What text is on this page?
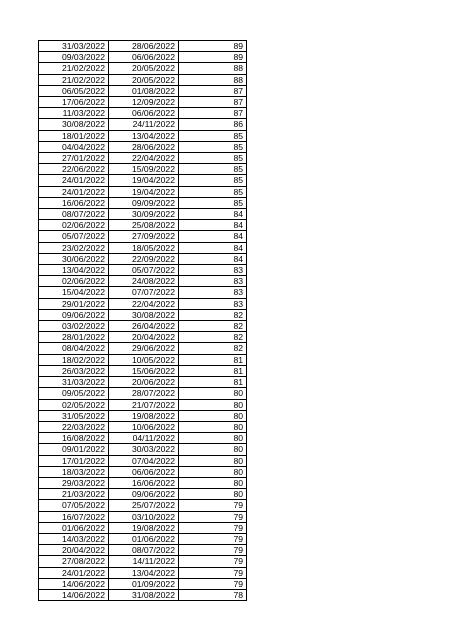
31/03/2022	28/06/2022	89
09/03/2022	06/06/2022	89
21/02/2022	20/05/2022	88
21/02/2022	20/05/2022	88
06/05/2022	01/08/2022	87
17/06/2022	12/09/2022	87
11/03/2022	06/06/2022	87
30/08/2022	24/11/2022	86
18/01/2022	13/04/2022	85
04/04/2022	28/06/2022	85
27/01/2022	22/04/2022	85
22/06/2022	15/09/2022	85
24/01/2022	19/04/2022	85
24/01/2022	19/04/2022	85
16/06/2022	09/09/2022	85
08/07/2022	30/09/2022	84
02/06/2022	25/08/2022	84
05/07/2022	27/09/2022	84
23/02/2022	18/05/2022	84
30/06/2022	22/09/2022	84
13/04/2022	05/07/2022	83
02/06/2022	24/08/2022	83
15/04/2022	07/07/2022	83
29/01/2022	22/04/2022	83
09/06/2022	30/08/2022	82
03/02/2022	26/04/2022	82
28/01/2022	20/04/2022	82
08/04/2022	29/06/2022	82
18/02/2022	10/05/2022	81
26/03/2022	15/06/2022	81
31/03/2022	20/06/2022	81
09/05/2022	28/07/2022	80
02/05/2022	21/07/2022	80
31/05/2022	19/08/2022	80
22/03/2022	10/06/2022	80
16/08/2022	04/11/2022	80
09/01/2022	30/03/2022	80
17/01/2022	07/04/2022	80
18/03/2022	06/06/2022	80
29/03/2022	16/06/2022	80
21/03/2022	09/06/2022	80
07/05/2022	25/07/2022	79
16/07/2022	03/10/2022	79
01/06/2022	19/08/2022	79
14/03/2022	01/06/2022	79
20/04/2022	08/07/2022	79
27/08/2022	14/11/2022	79
24/01/2022	13/04/2022	79
14/06/2022	01/09/2022	79
14/06/2022	31/08/2022	78
